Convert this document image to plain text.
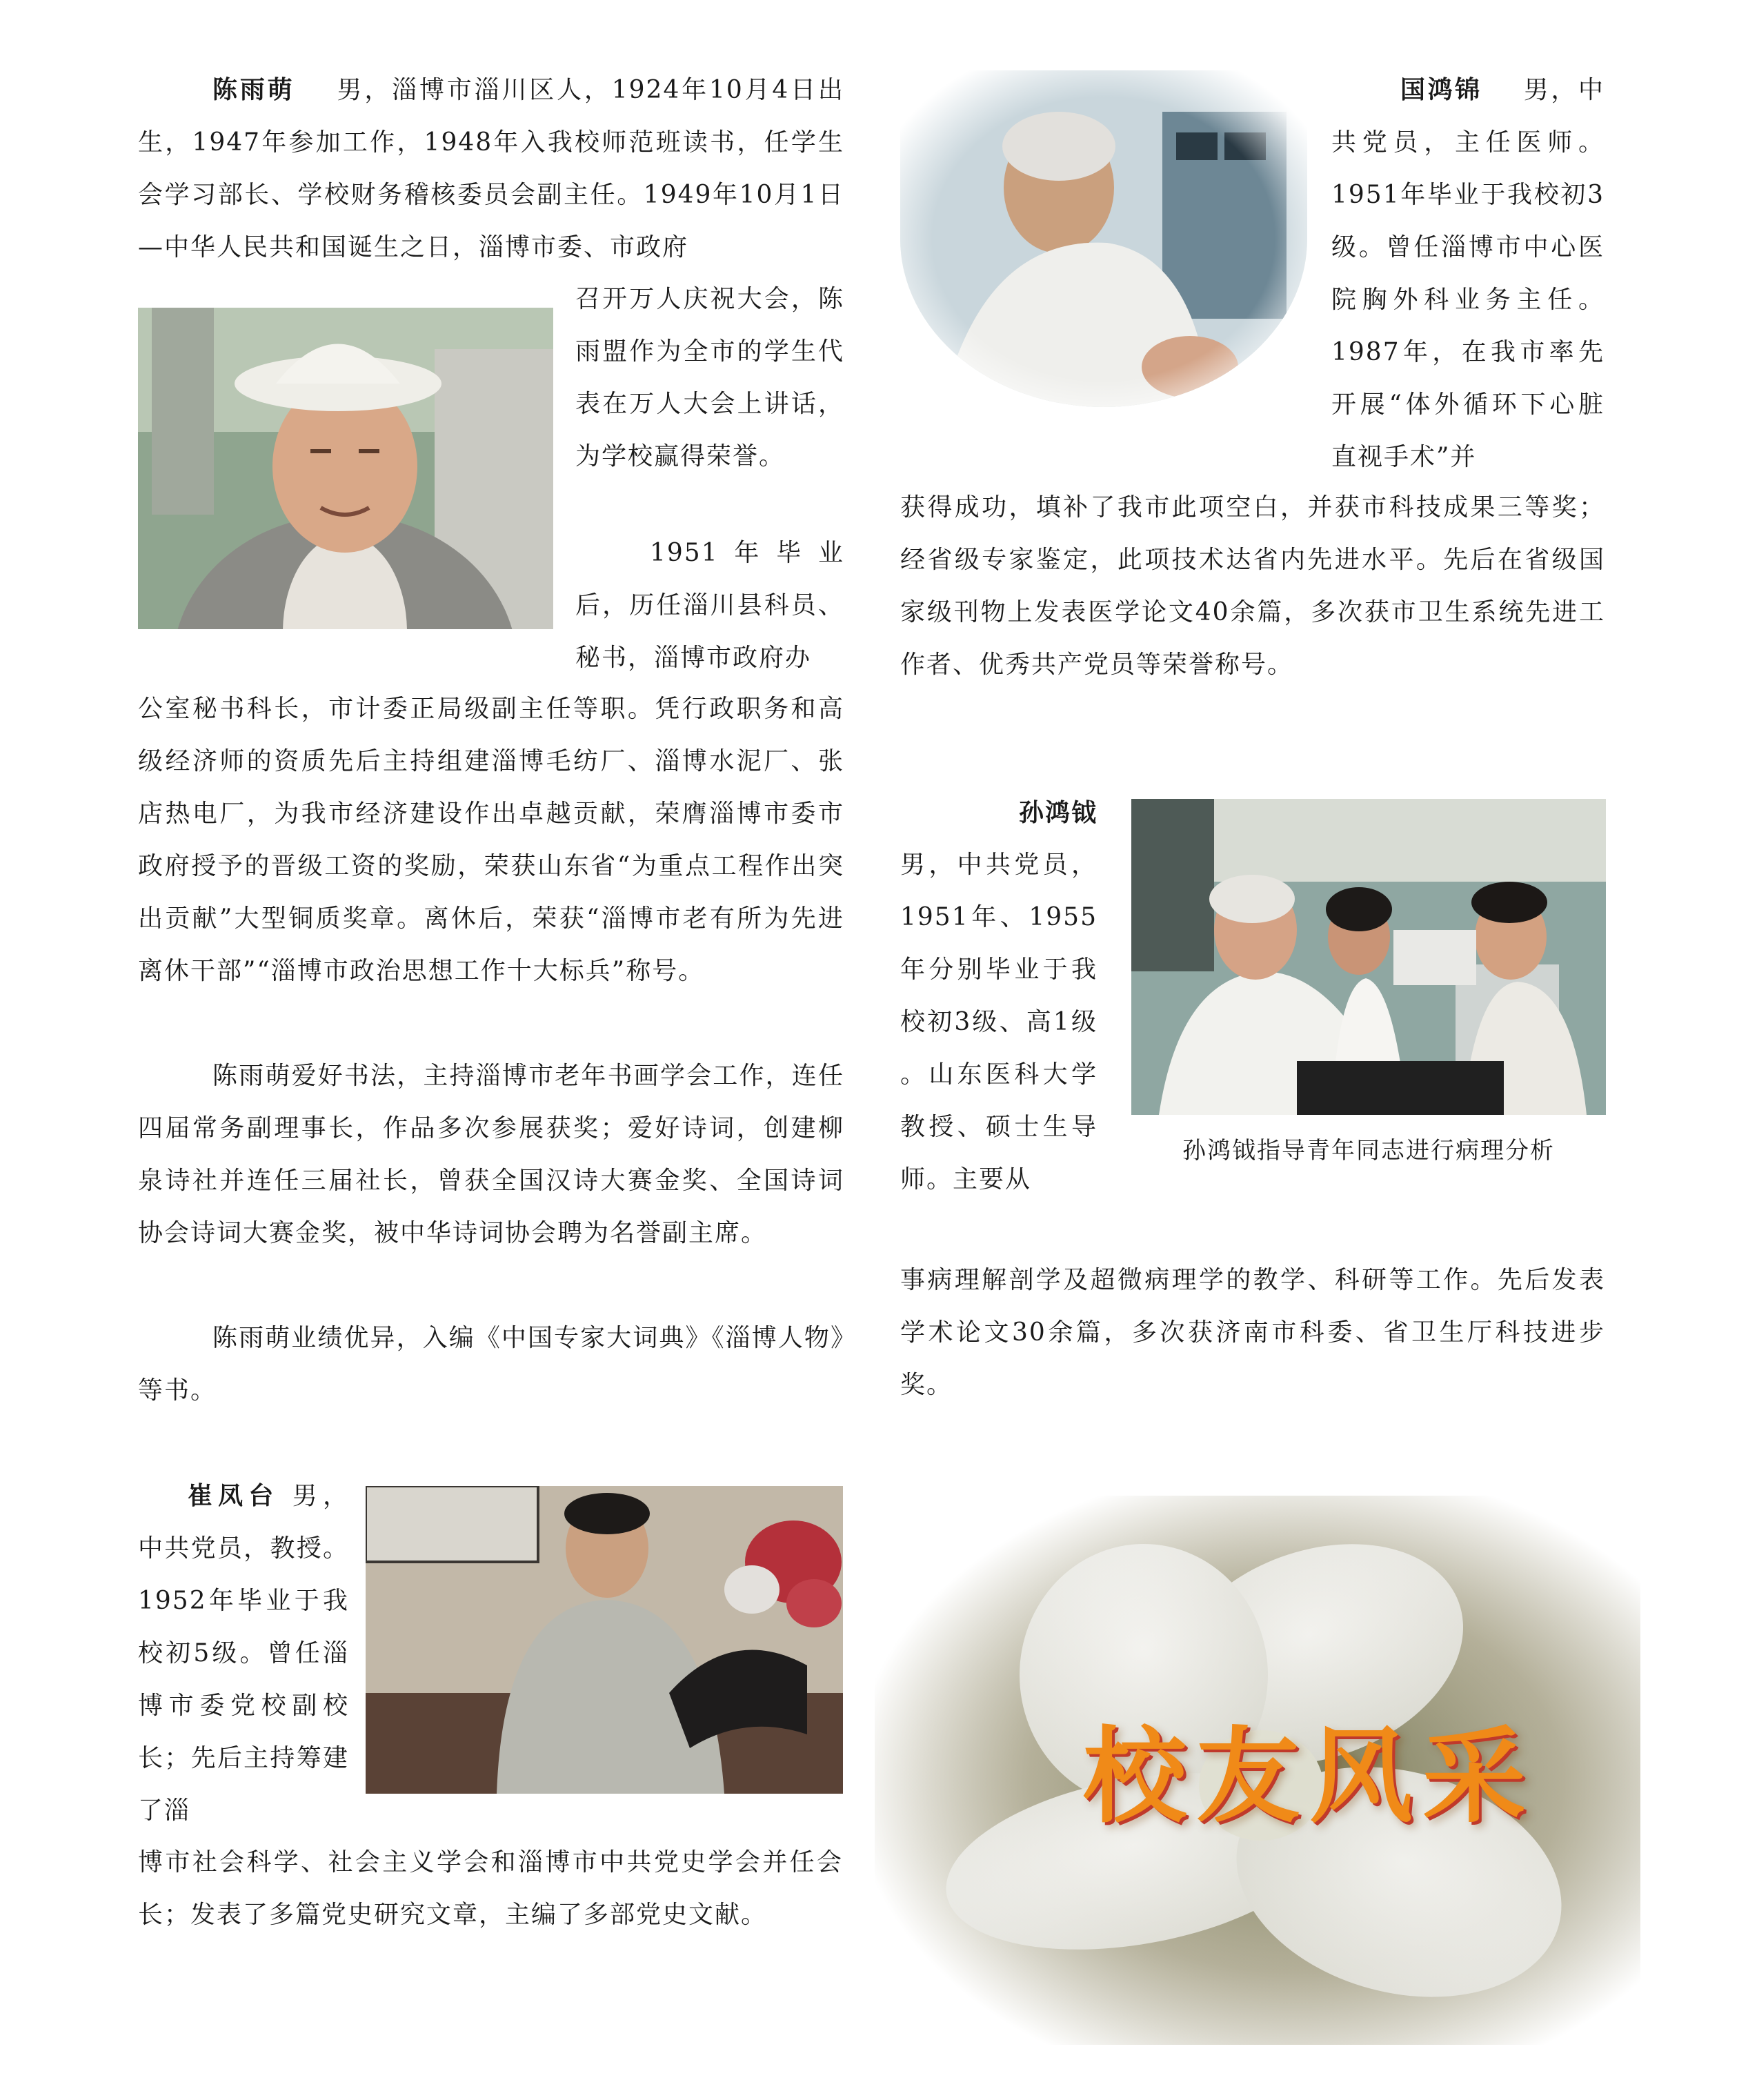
陈雨萌 男，淄博市淄川区人，1924年10月4日出生，1947年参加工作，1948年入我校师范班读书，任学生会学习部长、学校财务稽核委员会副主任。1949年10月1日—中华人民共和国诞生之日，淄博市委、市政府
召开万人庆祝大会，陈雨盟作为全市的学生代表在万人大会上讲话，为学校赢得荣誉。
1951年毕业后，历任淄川县科员、秘书，淄博市政府办
公室秘书科长，市计委正局级副主任等职。凭行政职务和高级经济师的资质先后主持组建淄博毛纺厂、淄博水泥厂、张店热电厂，为我市经济建设作出卓越贡献，荣膺淄博市委市政府授予的晋级工资的奖励，荣获山东省“为重点工程作出突出贡献”大型铜质奖章。离休后，荣获“淄博市老有所为先进离休干部”“淄博市政治思想工作十大标兵”称号。
陈雨萌爱好书法，主持淄博市老年书画学会工作，连任四届常务副理事长，作品多次参展获奖；爱好诗词，创建柳泉诗社并连任三届社长，曾获全国汉诗大赛金奖、全国诗词协会诗词大赛金奖，被中华诗词协会聘为名誉副主席。
陈雨萌业绩优异，入编《中国专家大词典》《淄博人物》等书。
国鸿锦 男，中共党员，主任医师。1951年毕业于我校初3级。曾任淄博市中心医院胸外科业务主任。1987年，在我市率先开展“体外循环下心脏直视手术”并
获得成功，填补了我市此项空白，并获市科技成果三等奖；经省级专家鉴定，此项技术达省内先进水平。先后在省级国家级刊物上发表医学论文40余篇，多次获市卫生系统先进工作者、优秀共产党员等荣誉称号。
孙鸿钺
男，中共党员，1951年、1955年分别毕业于我校初3级、高1级 。山东医科大学教授、硕士生导师。主要从
孙鸿钺指导青年同志进行病理分析
事病理解剖学及超微病理学的教学、科研等工作。先后发表学术论文30余篇，多次获济南市科委、省卫生厅科技进步奖。
崔凤台 男，中共党员，教授。1952年毕业于我校初5级。曾任淄博市委党校副校长；先后主持筹建了淄
博市社会科学、社会主义学会和淄博市中共党史学会并任会长；发表了多篇党史研究文章，主编了多部党史文献。
校友风采
